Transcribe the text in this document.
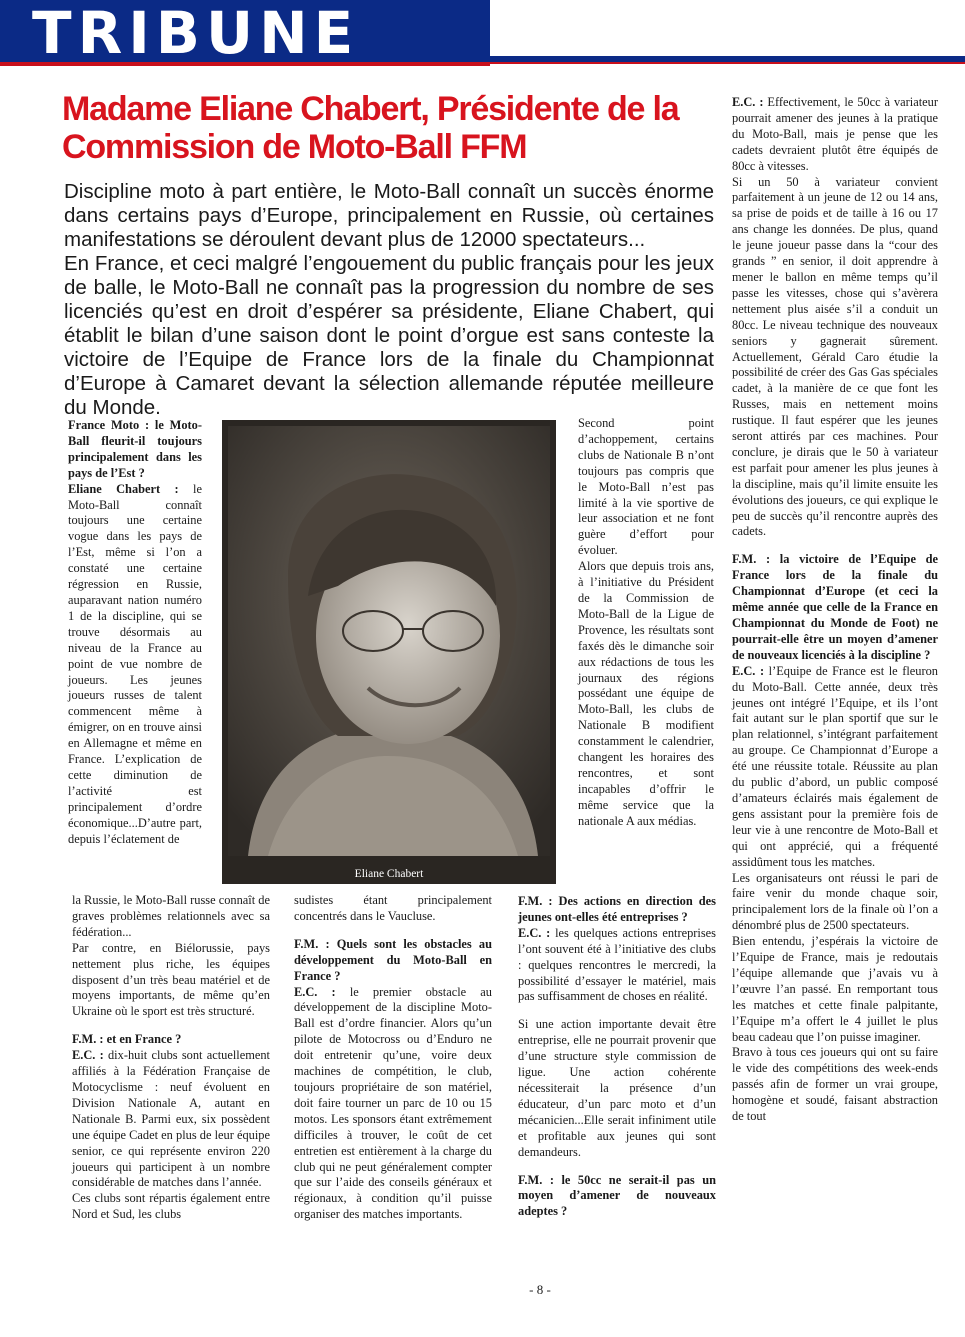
TRIBUNE
Madame Eliane Chabert, Présidente de la Commission de Moto-Ball FFM

Discipline moto à part entière, le Moto-Ball connaît un succès énorme dans certains pays d’Europe, principalement en Russie, où certaines manifestations se déroulent devant plus de 12000 spectateurs...

En France, et ceci malgré l’engouement du public français pour les jeux de balle, le Moto-Ball ne connaît pas la progression du nombre de ses licenciés qu’est en droit d’espérer sa présidente, Eliane Chabert, qui établit le bilan d’une saison dont le point d’orgue est sans conteste la victoire de l’Equipe de France lors de la finale du Championnat d’Europe à Camaret devant la sélection allemande réputée meilleure du Monde.

France Moto : le Moto-Ball fleurit-il toujours principalement dans les pays de l’Est ?

Eliane Chabert : le Moto-Ball connaît toujours une certaine vogue dans les pays de l’Est, même si l’on a constaté une certaine régression en Russie, auparavant nation numéro 1 de la discipline, qui se trouve désormais au niveau de la France au point de vue nombre de joueurs. Les jeunes joueurs russes de talent commencent même à émigrer, on en trouve ainsi en Allemagne et même en France. L’explication de cette diminution de l’activité est principalement d’ordre économique...D’autre part, depuis l’éclatement de

Eliane Chabert

la Russie, le Moto-Ball russe connaît de graves problèmes relationnels avec sa fédération...

Par contre, en Biélorussie, pays nettement plus riche, les équipes disposent d’un très beau matériel et de moyens importants, de même qu’en Ukraine où le sport est très structuré.

F.M. : et en France ?

E.C. : dix-huit clubs sont actuellement affiliés à la Fédération Française de Motocyclisme : neuf évoluent en Division Nationale A, autant en Nationale B. Parmi eux, six possèdent une équipe Cadet en plus de leur équipe senior, ce qui représente environ 220 joueurs qui participent à un nombre considérable de matches dans l’année.

Ces clubs sont répartis également entre Nord et Sud, les clubs

sudistes étant principalement concentrés dans le Vaucluse.

F.M. : Quels sont les obstacles au développement du Moto-Ball en France ?

E.C. : le premier obstacle au développement de la discipline Moto-Ball est d’ordre financier. Alors qu’un pilote de Motocross ou d’Enduro ne doit entretenir qu’une, voire deux machines de compétition, le club, toujours propriétaire de son matériel, doit faire tourner un parc de 10 ou 15 motos. Les sponsors étant extrêmement difficiles à trouver, le coût de cet entretien est entièrement à la charge du club qui ne peut généralement compter que sur l’aide des conseils généraux et régionaux, à condition qu’il puisse organiser des matches importants.

Second point d’achoppement, certains clubs de Nationale B n’ont toujours pas compris que le Moto-Ball n’est pas limité à la vie sportive de leur association et ne font guère d’effort pour évoluer.

Alors que depuis trois ans, à l’initiative du Président de la Commission de Moto-Ball de la Ligue de Provence, les résultats sont faxés dès le dimanche soir aux rédactions de tous les journaux des régions possédant une équipe de Moto-Ball, les clubs de Nationale B modifient constamment le calendrier, changent les horaires des rencontres, et sont incapables d’offrir le même service que la nationale A aux médias.

F.M. : Des actions en direction des jeunes ont-elles été entreprises ?

E.C. : les quelques actions entreprises l’ont souvent été à l’initiative des clubs : quelques rencontres le mercredi, la possibilité d’essayer le matériel, mais pas suffisamment de choses en réalité.

Si une action importante devait être entreprise, elle ne pourrait provenir que d’une structure style commission de ligue. Une action cohérente nécessiterait la présence d’un éducateur, d’un parc moto et d’un mécanicien...Elle serait infiniment utile et profitable aux jeunes qui sont demandeurs.

F.M. : le 50cc ne serait-il pas un moyen d’amener de nouveaux adeptes ?

E.C. : Effectivement, le 50cc à variateur pourrait amener des jeunes à la pratique du Moto-Ball, mais je pense que les cadets devraient plutôt être équipés de 80cc à vitesses.

Si un 50 à variateur convient parfaitement à un jeune de 12 ou 14 ans, sa prise de poids et de taille à 16 ou 17 ans change les données. De plus, quand le jeune joueur passe dans la “cour des grands ” en senior, il doit apprendre à mener le ballon en même temps qu’il passe les vitesses, chose qui s’avèrera nettement plus aisée s’il a conduit un 80cc. Le niveau technique des nouveaux seniors y gagnerait sûrement. Actuellement, Gérald Caro étudie la possibilité de créer des Gas Gas spéciales cadet, à la manière de ce que font les Russes, mais en nettement moins rustique. Il faut espérer que les jeunes seront attirés par ces machines. Pour conclure, je dirais que le 50 à variateur est parfait pour amener les plus jeunes à la discipline, mais qu’il limite ensuite les évolutions des joueurs, ce qui explique le peu de succès qu’il rencontre auprès des cadets.

F.M. : la victoire de l’Equipe de France lors de la finale du Championnat d’Europe (et ceci la même année que celle de la France en Championnat du Monde de Foot) ne pourrait-elle être un moyen d’amener de nouveaux licenciés à la discipline ?

E.C. : l’Equipe de France est le fleuron du Moto-Ball. Cette année, deux très jeunes ont intégré l’Equipe, et ils l’ont fait autant sur le plan sportif que sur le plan relationnel, s’intégrant parfaitement au groupe. Ce Championnat d’Europe a été une réussite totale. Réussite au plan du public d’abord, un public composé d’amateurs éclairés mais également de gens assistant pour la première fois de leur vie à une rencontre de Moto-Ball et qui ont apprécié, qui a fréquenté assidûment tous les matches.

Les organisateurs ont réussi le pari de faire venir du monde chaque soir, principalement lors de la finale où l’on a dénombré plus de 2500 spectateurs.

Bien entendu, j’espérais la victoire de l’Equipe de France, mais je redoutais l’équipe allemande que j’avais vu à l’œuvre l’an passé. En remportant tous les matches et cette finale palpitante, l’Equipe m’a offert le 4 juillet le plus beau cadeau que l’on puisse imaginer.

Bravo à tous ces joueurs qui ont su faire le vide des compétitions des week-ends passés afin de former un vrai groupe, homogène et soudé, faisant abstraction de tout

- 8 -
